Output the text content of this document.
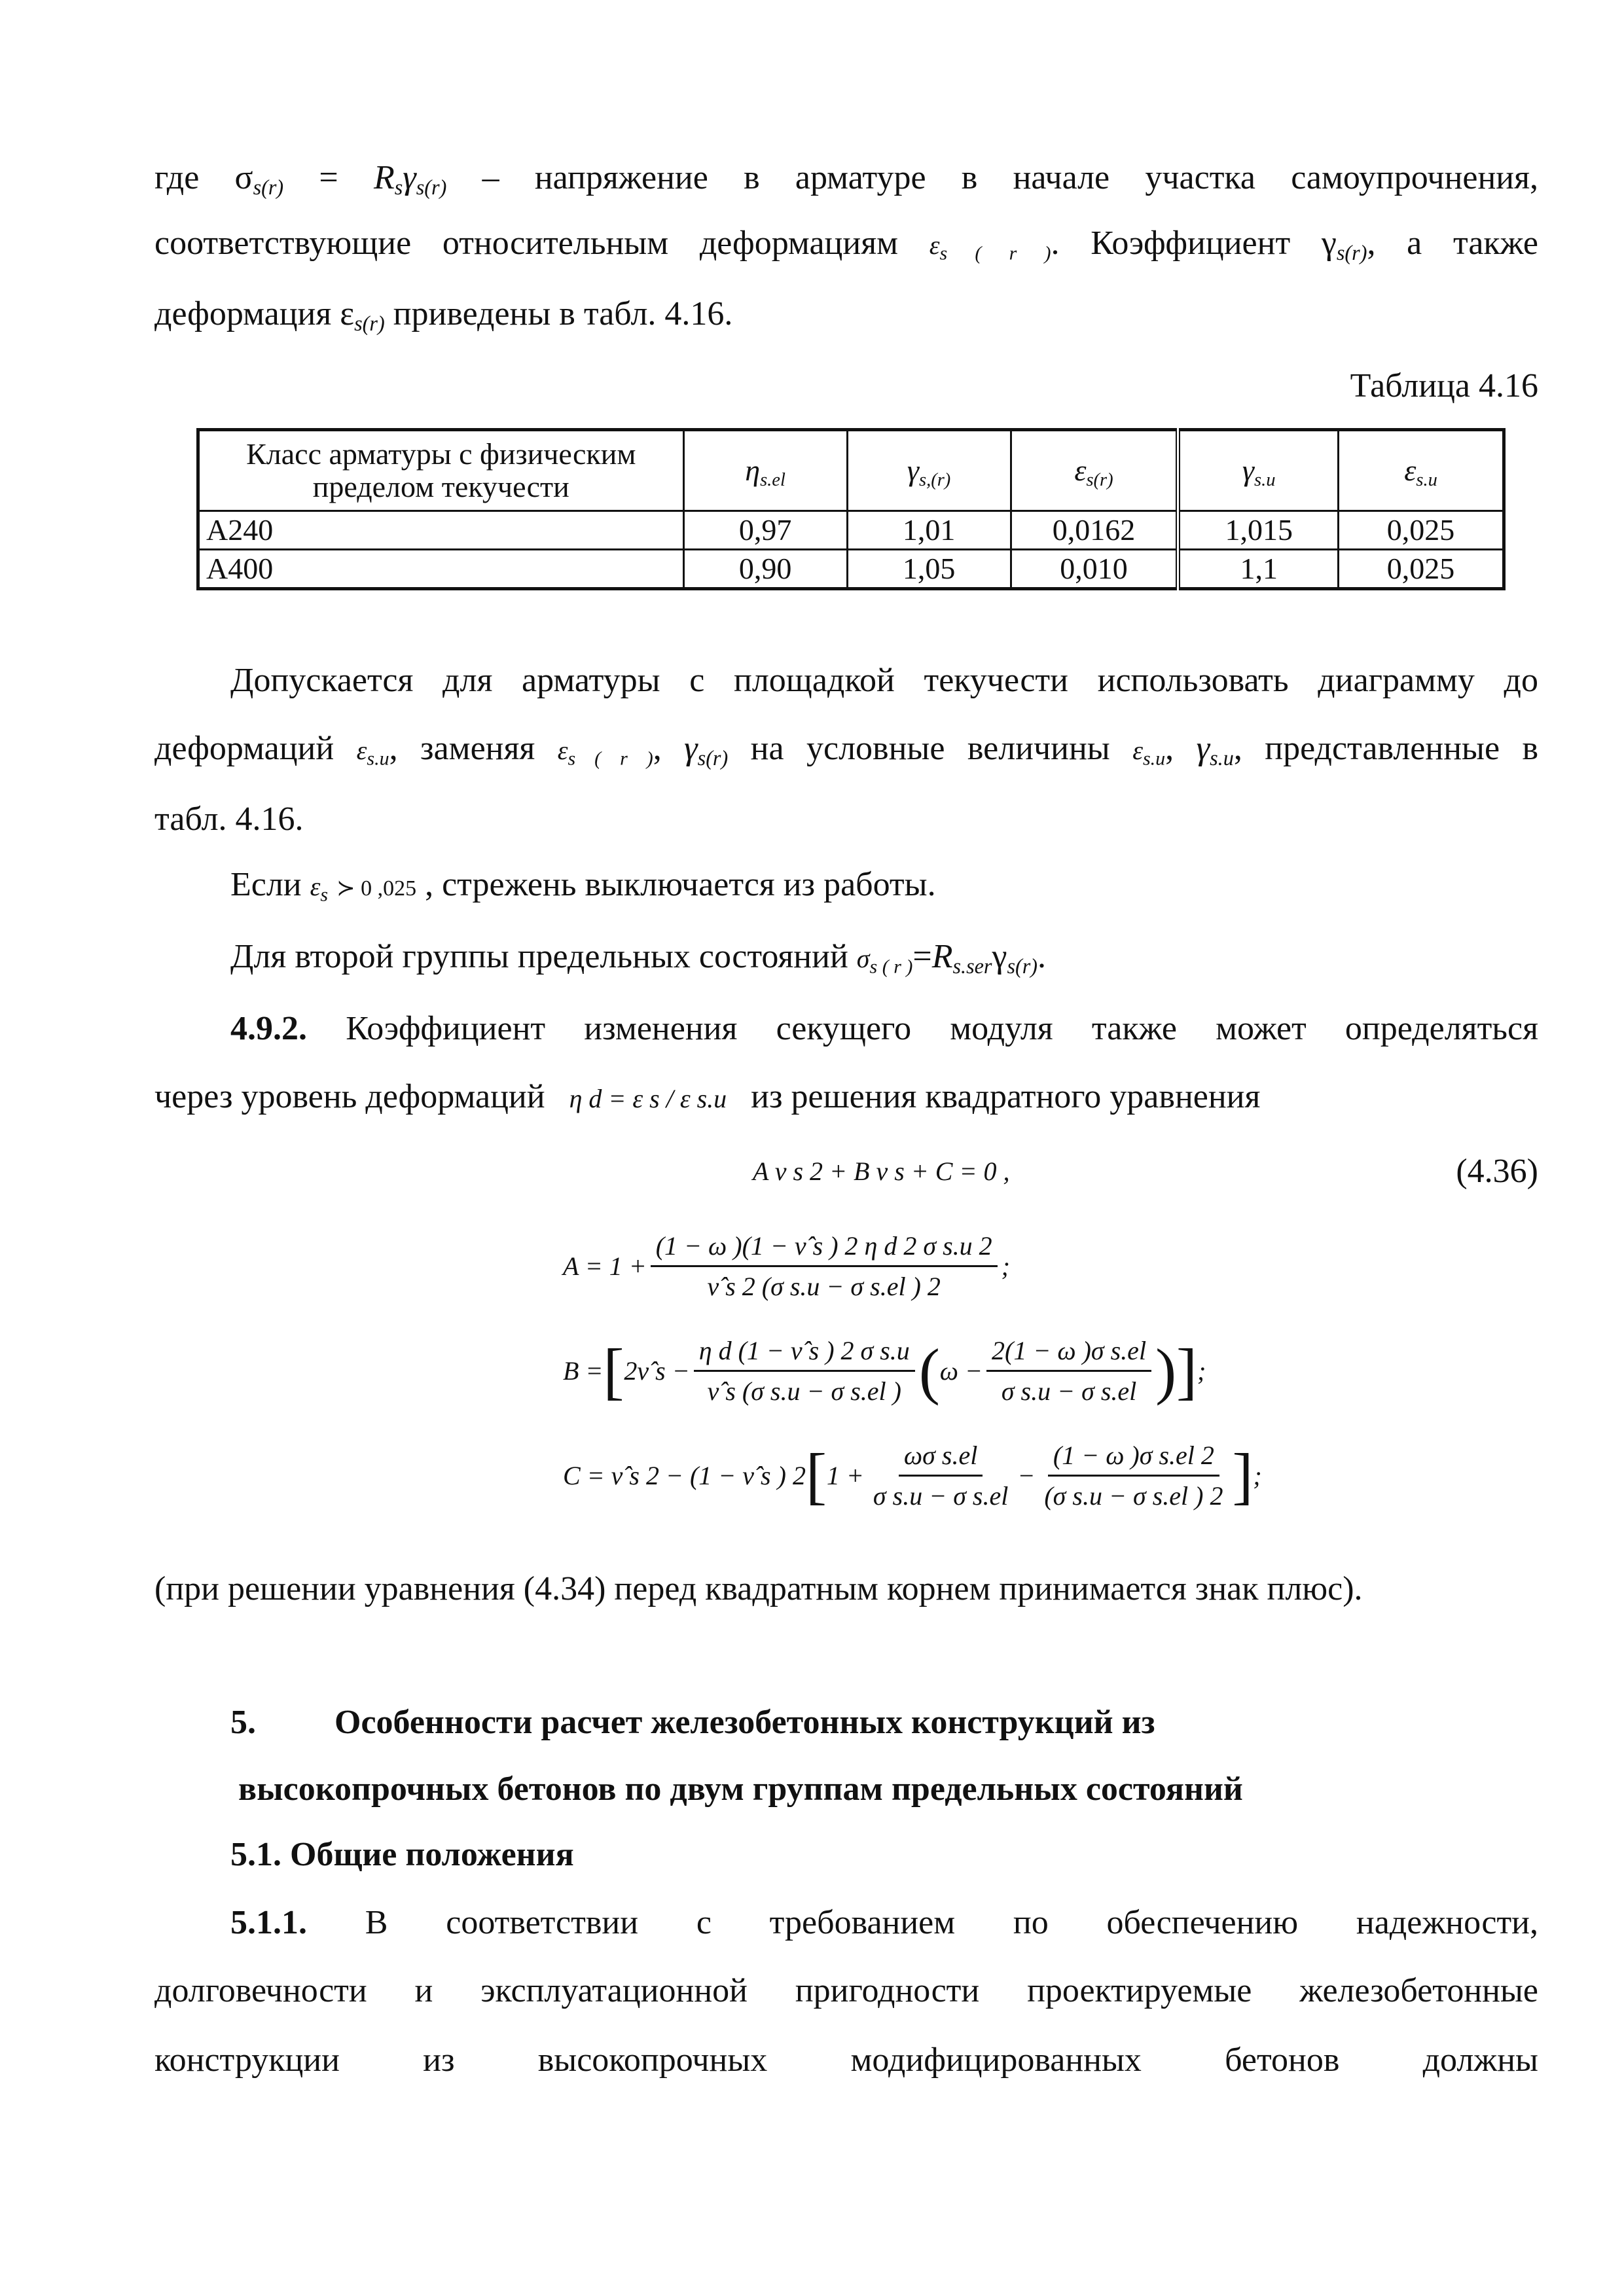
где $\sigma_{s(r)} = R_s\gamma_{s(r)}$ – напряжение в арматуре в начале участка самоупрочнения,
соответствующие относительным деформациям $\varepsilon_{s ( r )}$. Коэффициент $\gamma_{s(r)}$, а также
деформация $\varepsilon_{s(r)}$ приведены в табл. 4.16.
Таблица 4.16
Класс арматуры с физическим пределом текучести	$\eta_{s.el}$	$\gamma_{s,(r)}$	$\varepsilon_{s(r)}$	$\gamma_{s.u}$	$\varepsilon_{s.u}$
А240	0,97	1,01	0,0162	1,015	0,025
А400	0,90	1,05	0,010	1,1	0,025
Допускается для арматуры с площадкой текучести использовать диаграмму до
деформаций $\varepsilon_{s.u}$, заменяя $\varepsilon_{s ( r )}$, $\gamma_{s(r)}$ на условные величины $\varepsilon_{s.u}$, $\gamma_{s.u}$, представленные в
табл. 4.16.
Если $\varepsilon_s$ ≻ 0 ,025 , стрежень выключается из работы.
Для второй группы предельных состояний $\sigma_{s ( r )}=R_{s.ser}\gamma_{s(r)}$.
4.9.2. Коэффициент изменения секущего модуля также может определяться
через уровень деформаций η d = ε s / ε s.u из решения квадратного уравнения
A ν s 2 + B ν s + C = 0 ,	(4.36)
$A = 1 + \frac{\text{(1 − ω )(1 − ν̂ s ) 2 η d 2 σ s.u 2}}{\text{ν̂ s 2 (σ s.u − σ s.el ) 2}}$ ;
B = [ 2ν̂ $s - \frac{\text{η d (1 − ν̂ s ) 2 σ s.u}}{\text{ν̂ s (σ s.u − σ s.el )}}$ ( $\omega - \frac{\text{2(1 − ω )σ s.el}}{\text{σ s.u − σ s.el}}$ )] ;
C = ν̂ s 2 − (1 − ν̂ s ) 2 [ $1 + \frac{\text{ωσ s.el}}{\text{σ s.u − σ s.el}} - \frac{\text{(1 − ω )σ s.el 2}}{\text{(σ s.u − σ s.el ) 2}}$ ] ;
(при решении уравнения (4.34) перед квадратным корнем принимается знак плюс).
5. Особенности расчет железобетонных конструкций из
высокопрочных бетонов по двум группам предельных состояний
5.1. Общие положения
5.1.1. В соответствии с требованием по обеспечению надежности,
долговечности и эксплуатационной пригодности проектируемые железобетонные
конструкции из высокопрочных модифицированных бетонов должны
